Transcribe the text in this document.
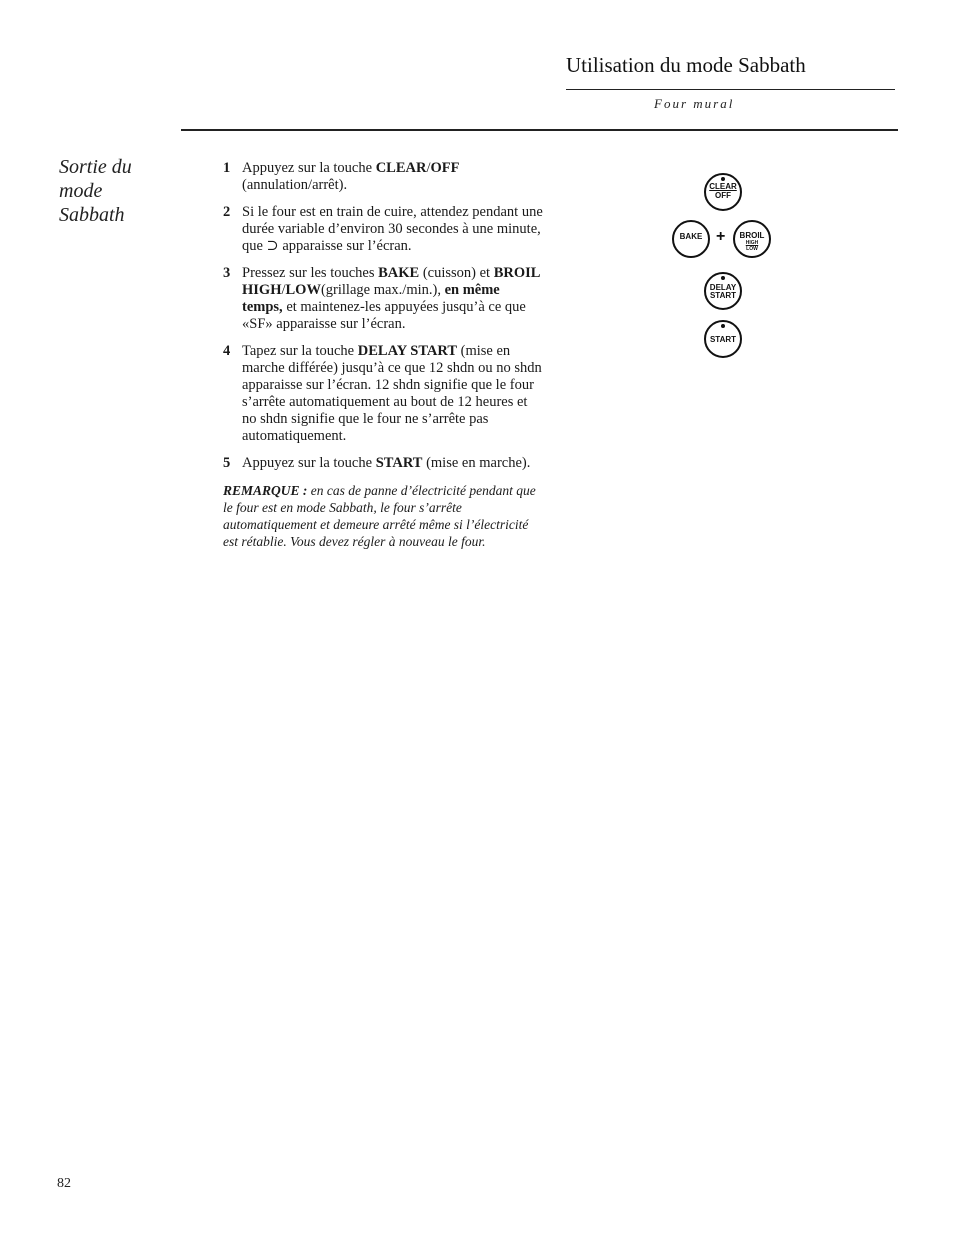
Utilisation du mode Sabbath
Four mural
Sortie du mode Sabbath
1 Appuyez sur la touche CLEAR/OFF (annulation/arrêt).
2 Si le four est en train de cuire, attendez pendant une durée variable d’environ 30 secondes à une minute, que ⊃ apparaisse sur l’écran.
3 Pressez sur les touches BAKE (cuisson) et BROIL HIGH/LOW(grillage max./min.), en même temps, et maintenez-les appuyées jusqu’à ce que «SF» apparaisse sur l’écran.
4 Tapez sur la touche DELAY START (mise en marche différée) jusqu’à ce que 12 shdn ou no shdn apparaisse sur l’écran. 12 shdn signifie que le four s’arrête automatiquement au bout de 12 heures et no shdn signifie que le four ne s’arrête pas automatiquement.
5 Appuyez sur la touche START (mise en marche).
REMARQUE : en cas de panne d’électricité pendant que le four est en mode Sabbath, le four s’arrête automatiquement et demeure arrêté même si l’électricité est rétablie. Vous devez régler à nouveau le four.
CLEAR
OFF
BAKE +	BROIL
HIGH
LOW
DELAY
START
START
82
